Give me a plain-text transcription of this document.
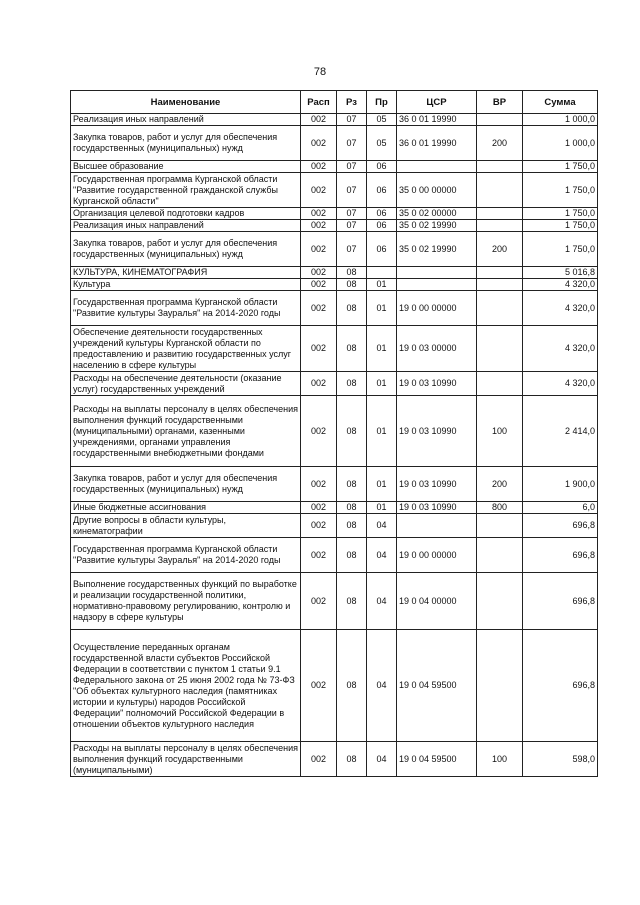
78
Наименование	Расп	Рз	Пр	ЦСР	ВР	Сумма
Реализация иных направлений	002	07	05	36 0 01 19990		1 000,0
Закупка товаров, работ и услуг для обеспечения государственных (муниципальных) нужд	002	07	05	36 0 01 19990	200	1 000,0
Высшее образование	002	07	06			1 750,0
Государственная программа Курганской области "Развитие государственной гражданской службы Курганской области"	002	07	06	35 0 00 00000		1 750,0
Организация целевой подготовки кадров	002	07	06	35 0 02 00000		1 750,0
Реализация иных направлений	002	07	06	35 0 02 19990		1 750,0
Закупка товаров, работ и услуг для обеспечения государственных (муниципальных) нужд	002	07	06	35 0 02 19990	200	1 750,0
КУЛЬТУРА, КИНЕМАТОГРАФИЯ	002	08				5 016,8
Культура	002	08	01			4 320,0
Государственная программа Курганской области "Развитие культуры Зауралья" на 2014-2020 годы	002	08	01	19 0 00 00000		4 320,0
Обеспечение деятельности государственных учреждений культуры Курганской области по предоставлению и развитию государственных услуг населению в сфере культуры	002	08	01	19 0 03 00000		4 320,0
Расходы на обеспечение деятельности (оказание услуг) государственных учреждений	002	08	01	19 0 03 10990		4 320,0
Расходы на выплаты персоналу в целях обеспечения выполнения функций государственными (муниципальными) органами, казенными учреждениями, органами управления государственными внебюджетными фондами	002	08	01	19 0 03 10990	100	2 414,0
Закупка товаров, работ и услуг для обеспечения государственных (муниципальных) нужд	002	08	01	19 0 03 10990	200	1 900,0
Иные бюджетные ассигнования	002	08	01	19 0 03 10990	800	6,0
Другие вопросы в области культуры, кинематографии	002	08	04			696,8
Государственная программа Курганской области "Развитие культуры Зауралья" на 2014-2020 годы	002	08	04	19 0 00 00000		696,8
Выполнение государственных функций по выработке и реализации государственной политики, нормативно-правовому регулированию, контролю и надзору в сфере культуры	002	08	04	19 0 04 00000		696,8
Осуществление переданных органам государственной власти субъектов Российской Федерации в соответствии с пунктом 1 статьи 9.1 Федерального закона от 25 июня 2002 года № 73-ФЗ "Об объектах культурного наследия (памятниках истории и культуры) народов Российской Федерации" полномочий Российской Федерации в отношении объектов культурного наследия	002	08	04	19 0 04 59500		696,8
Расходы на выплаты персоналу в целях обеспечения выполнения функций государственными (муниципальными)	002	08	04	19 0 04 59500	100	598,0
